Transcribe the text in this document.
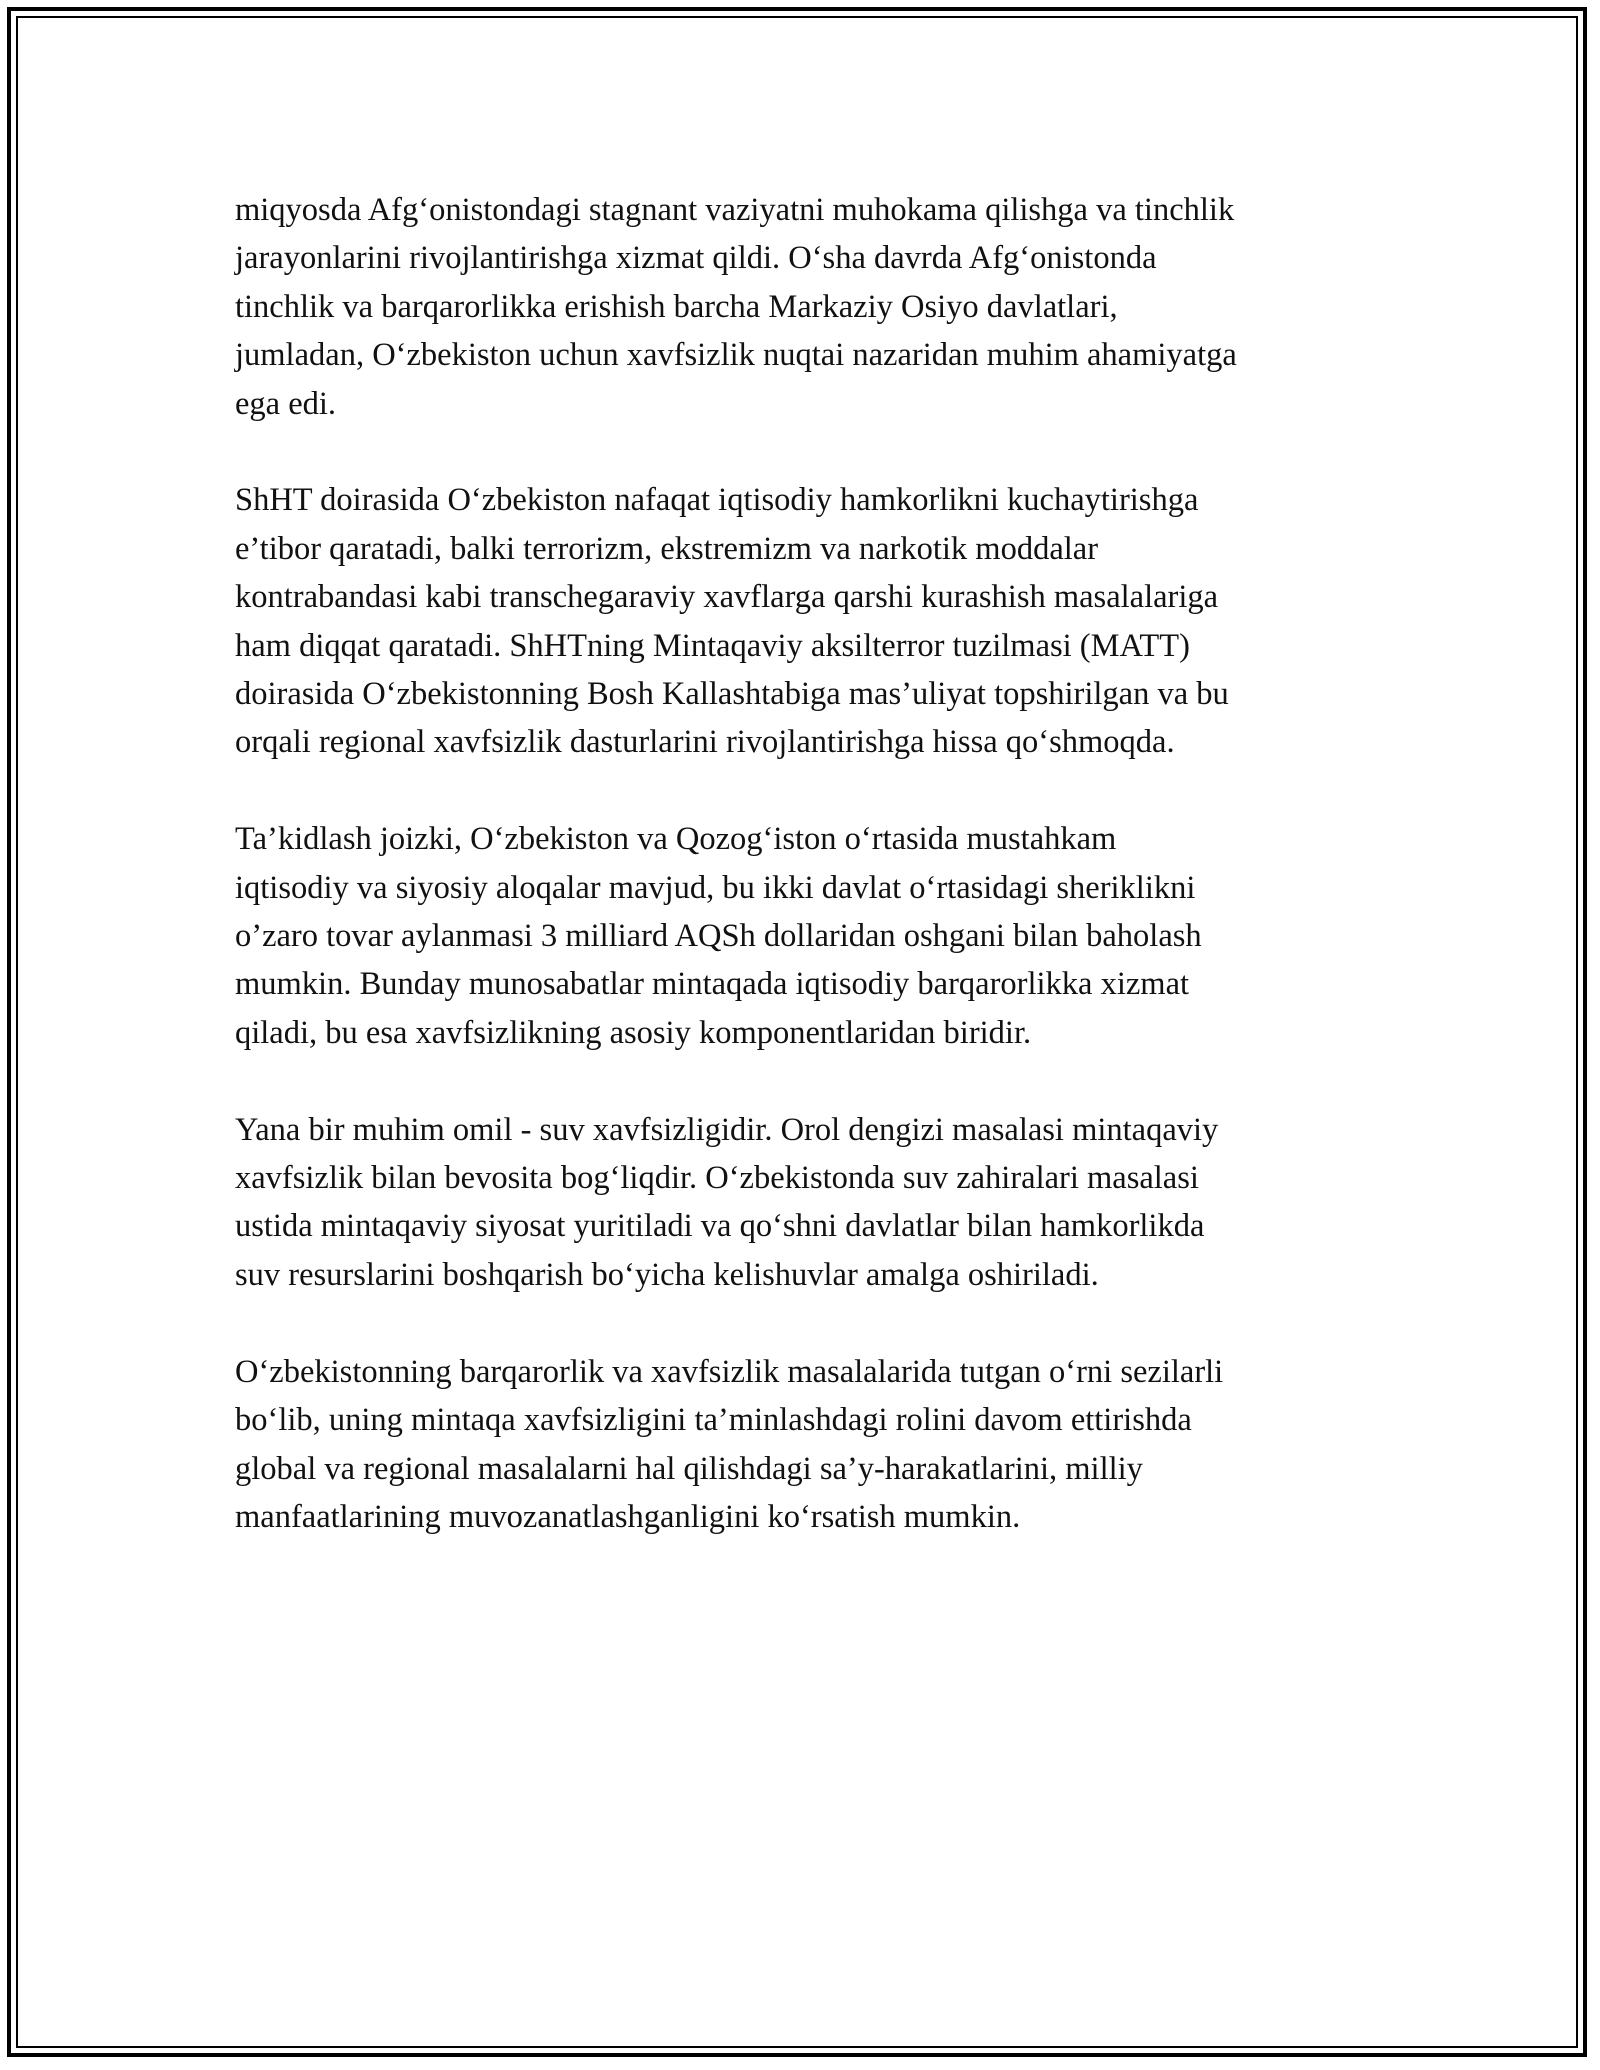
miqyosda Afg‘onistondagi stagnant vaziyatni muhokama qilishga va tinchlik
jarayonlarini rivojlantirishga xizmat qildi. O‘sha davrda Afg‘onistonda
tinchlik va barqarorlikka erishish barcha Markaziy Osiyo davlatlari,
jumladan, O‘zbekiston uchun xavfsizlik nuqtai nazaridan muhim ahamiyatga
ega edi.

ShHT doirasida O‘zbekiston nafaqat iqtisodiy hamkorlikni kuchaytirishga
e’tibor qaratadi, balki terrorizm, ekstremizm va narkotik moddalar
kontrabandasi kabi transchegaraviy xavflarga qarshi kurashish masalalariga
ham diqqat qaratadi. ShHTning Mintaqaviy aksilterror tuzilmasi (MATT)
doirasida O‘zbekistonning Bosh Kallashtabiga mas’uliyat topshirilgan va bu
orqali regional xavfsizlik dasturlarini rivojlantirishga hissa qo‘shmoqda.

Ta’kidlash joizki, O‘zbekiston va Qozog‘iston o‘rtasida mustahkam
iqtisodiy va siyosiy aloqalar mavjud, bu ikki davlat o‘rtasidagi sheriklikni
o’zaro tovar aylanmasi 3 milliard AQSh dollaridan oshgani bilan baholash
mumkin. Bunday munosabatlar mintaqada iqtisodiy barqarorlikka xizmat
qiladi, bu esa xavfsizlikning asosiy komponentlaridan biridir.

Yana bir muhim omil - suv xavfsizligidir. Orol dengizi masalasi mintaqaviy
xavfsizlik bilan bevosita bog‘liqdir. O‘zbekistonda suv zahiralari masalasi
ustida mintaqaviy siyosat yuritiladi va qo‘shni davlatlar bilan hamkorlikda
suv resurslarini boshqarish bo‘yicha kelishuvlar amalga oshiriladi.

O‘zbekistonning barqarorlik va xavfsizlik masalalarida tutgan o‘rni sezilarli
bo‘lib, uning mintaqa xavfsizligini ta’minlashdagi rolini davom ettirishda
global va regional masalalarni hal qilishdagi sa’y-harakatlarini, milliy
manfaatlarining muvozanatlashganligini ko‘rsatish mumkin.
